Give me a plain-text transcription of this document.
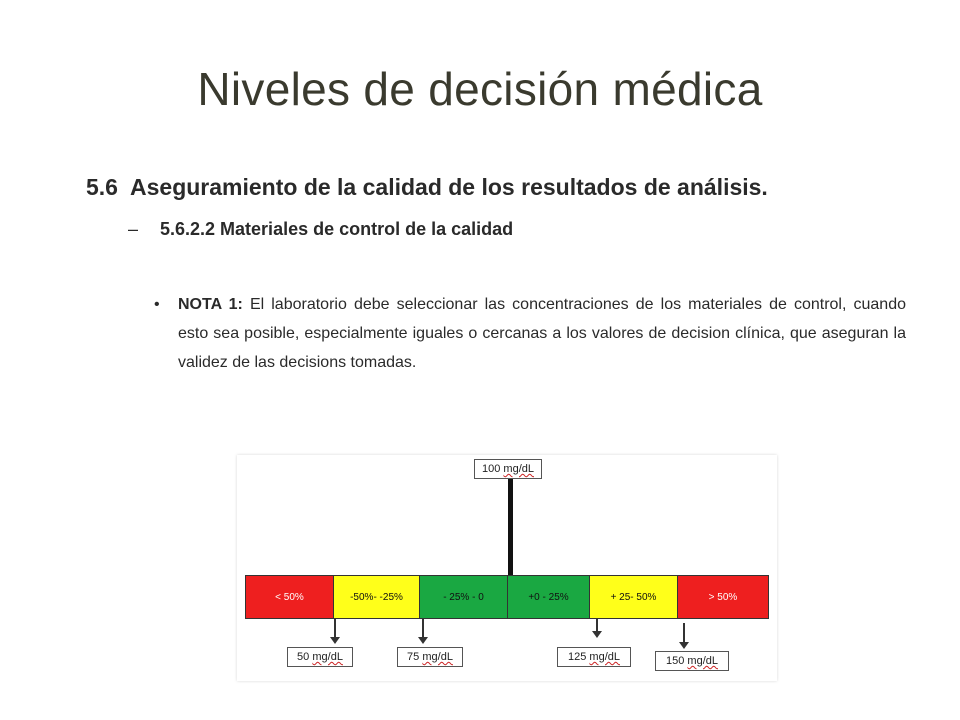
Niveles de decisión médica
5.6 Aseguramiento de la calidad de los resultados de análisis.
– 5.6.2.2 Materiales de control de la calidad
• NOTA 1: El laboratorio debe seleccionar las concentraciones de los materiales de control, cuando esto sea posible, especialmente iguales o cercanas a los valores de decision clínica, que aseguran la validez de las decisions tomadas.
100 mg/dL
< 50%	-50%- -25%	- 25% - 0	+0 - 25%	+ 25- 50%	> 50%
50 mg/dL	75 mg/dL	125 mg/dL	150 mg/dL
